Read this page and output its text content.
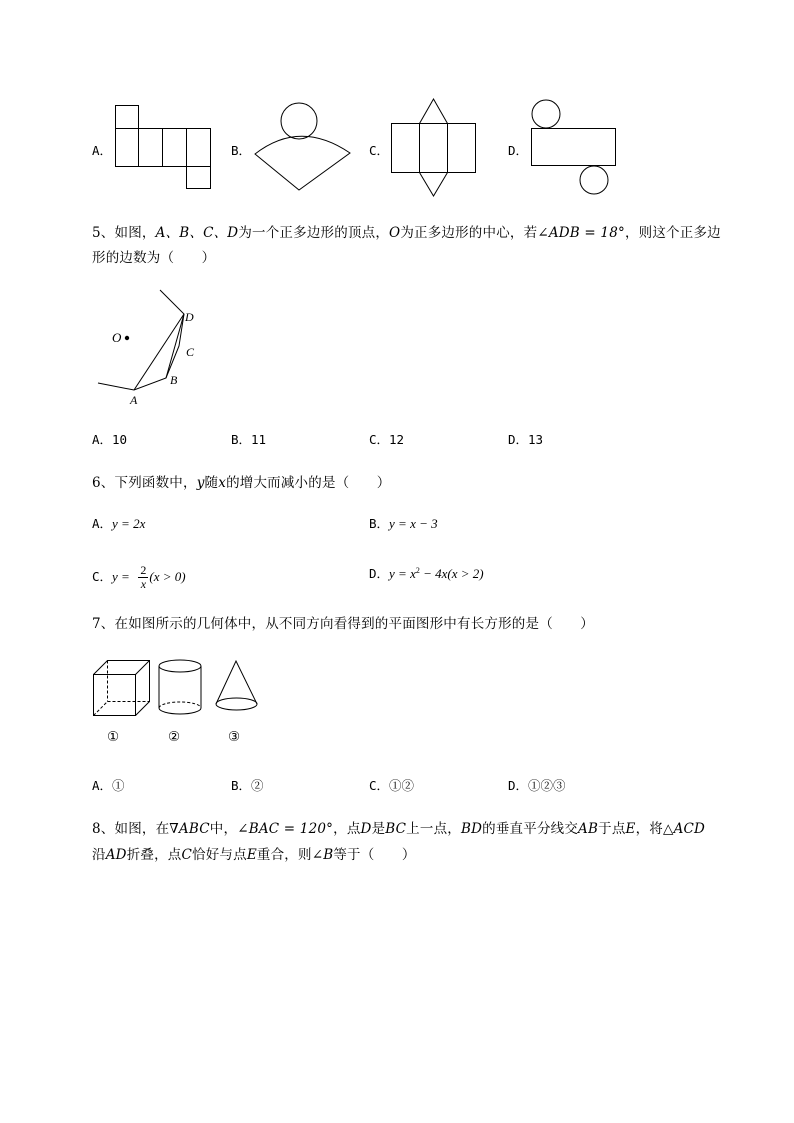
A．	B．	C．	D．
5、如图，A、B、C、D为一个正多边形的顶点，O为正多边形的中心，若∠ADB = 18°，则这个正多边
形的边数为（　　）
O
A
B
C
D
A．10	B．11	C．12	D．13
6、下列函数中，y随x的增大而减小的是（　　）
A．y = 2x	B．y = x − 3
C．$y = \frac{2}{x} (x > 0)$	D．$y = x^2 - 4x(x > 2)$
7、在如图所示的几何体中，从不同方向看得到的平面图形中有长方形的是（　　）
①	②	③
A．①	B．②	C．①②	D．①②③
8、如图，在∇ABC中，∠BAC = 120°，点D是BC上一点，BD的垂直平分线交AB于点E，将△ACD
沿AD折叠，点C恰好与点E重合，则∠B等于（　　）
